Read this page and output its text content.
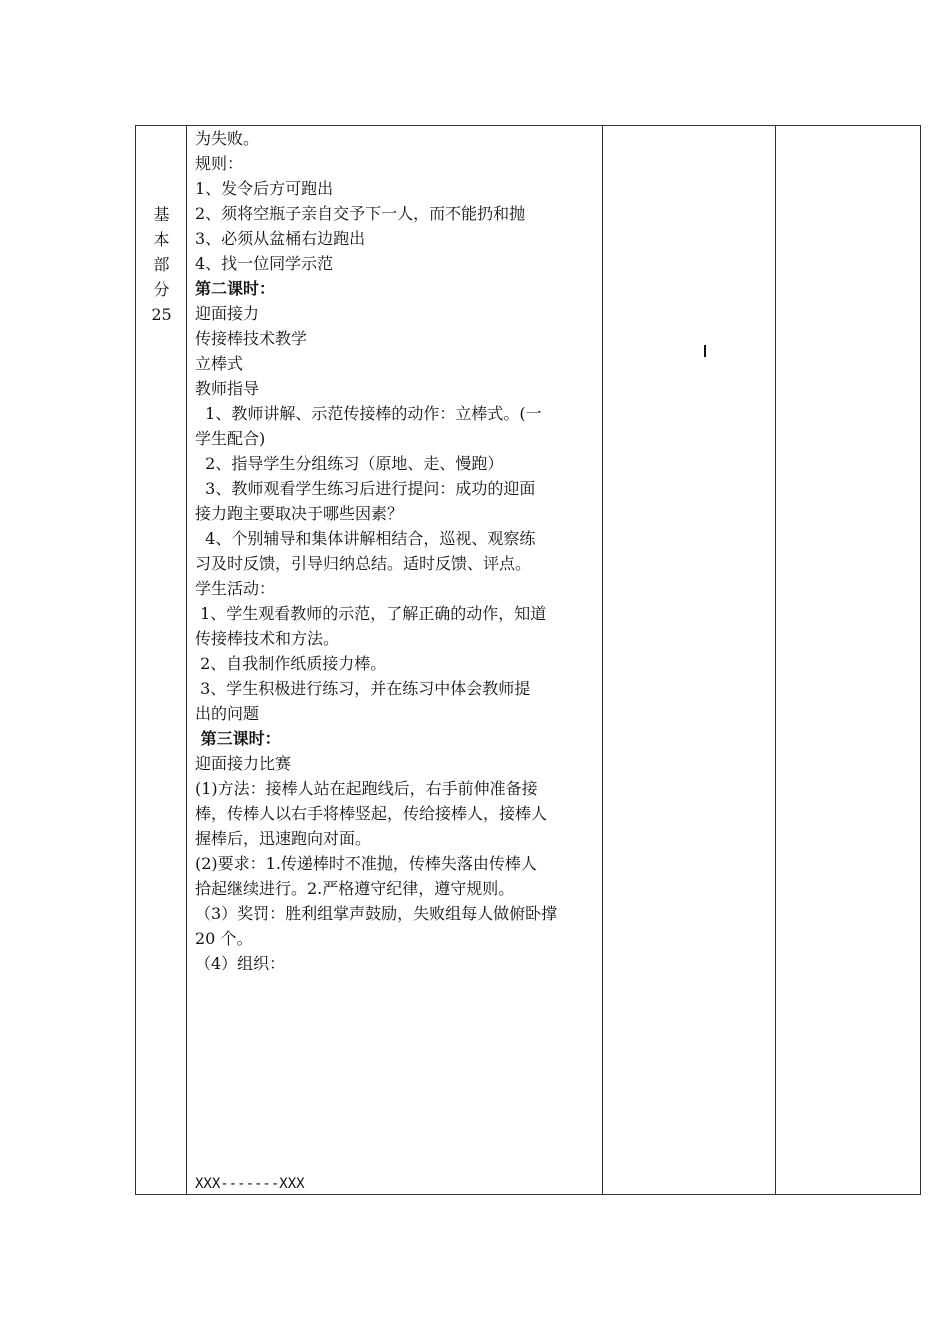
基
本
部
分
25

为失败。

规则：

1、发令后方可跑出

2、须将空瓶子亲自交予下一人，而不能扔和抛

3、必须从盆桶右边跑出

4、找一位同学示范

第二课时：

迎面接力

传接棒技术教学

立棒式

教师指导

1、教师讲解、示范传接棒的动作：立棒式。(一

学生配合)

2、指导学生分组练习（原地、走、慢跑）

3、教师观看学生练习后进行提问：成功的迎面

接力跑主要取决于哪些因素？

4、个别辅导和集体讲解相结合，巡视、观察练

习及时反馈，引导归纳总结。适时反馈、评点。

学生活动：

1、学生观看教师的示范，了解正确的动作，知道

传接棒技术和方法。

2、自我制作纸质接力棒。

3、学生积极进行练习，并在练习中体会教师提

出的问题

第三课时：

迎面接力比赛

(1)方法：接棒人站在起跑线后，右手前伸准备接

棒，传棒人以右手将棒竖起，传给接棒人，接棒人

握棒后，迅速跑向对面。

(2)要求：1.传递棒时不准抛，传棒失落由传棒人

拾起继续进行。2.严格遵守纪律，遵守规则。

（3）奖罚：胜利组掌声鼓励，失败组每人做俯卧撑

20 个。

（4）组织：

XXX-------XXX
